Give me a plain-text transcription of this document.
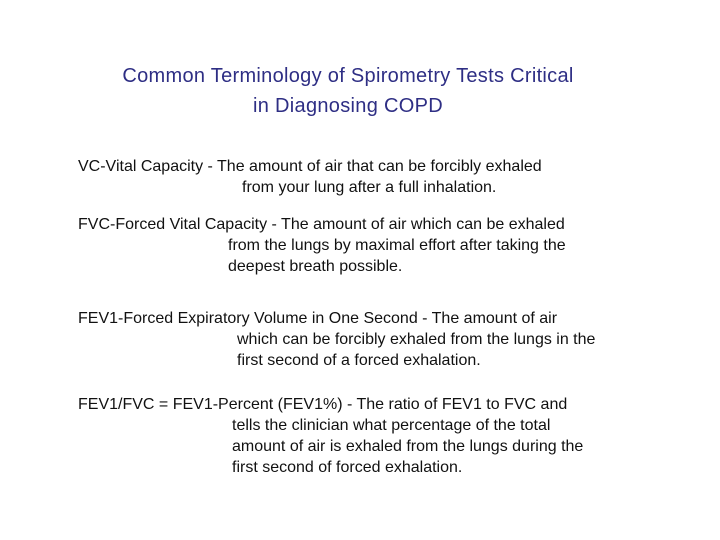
Common Terminology of Spirometry Tests Critical
in Diagnosing COPD
VC-Vital Capacity - The amount of air that can be forcibly exhaled
from your lung after a full inhalation.
FVC-Forced Vital Capacity - The amount of air which can be exhaled
from the lungs by maximal effort after taking the
deepest breath possible.
FEV1-Forced Expiratory Volume in One Second - The amount of air
which can be forcibly exhaled from the lungs in the
first second of a forced exhalation.
FEV1/FVC = FEV1-Percent (FEV1%) - The ratio of FEV1 to FVC and
tells the clinician what percentage of the total
amount of air is exhaled from the lungs during the
first second of forced exhalation.
